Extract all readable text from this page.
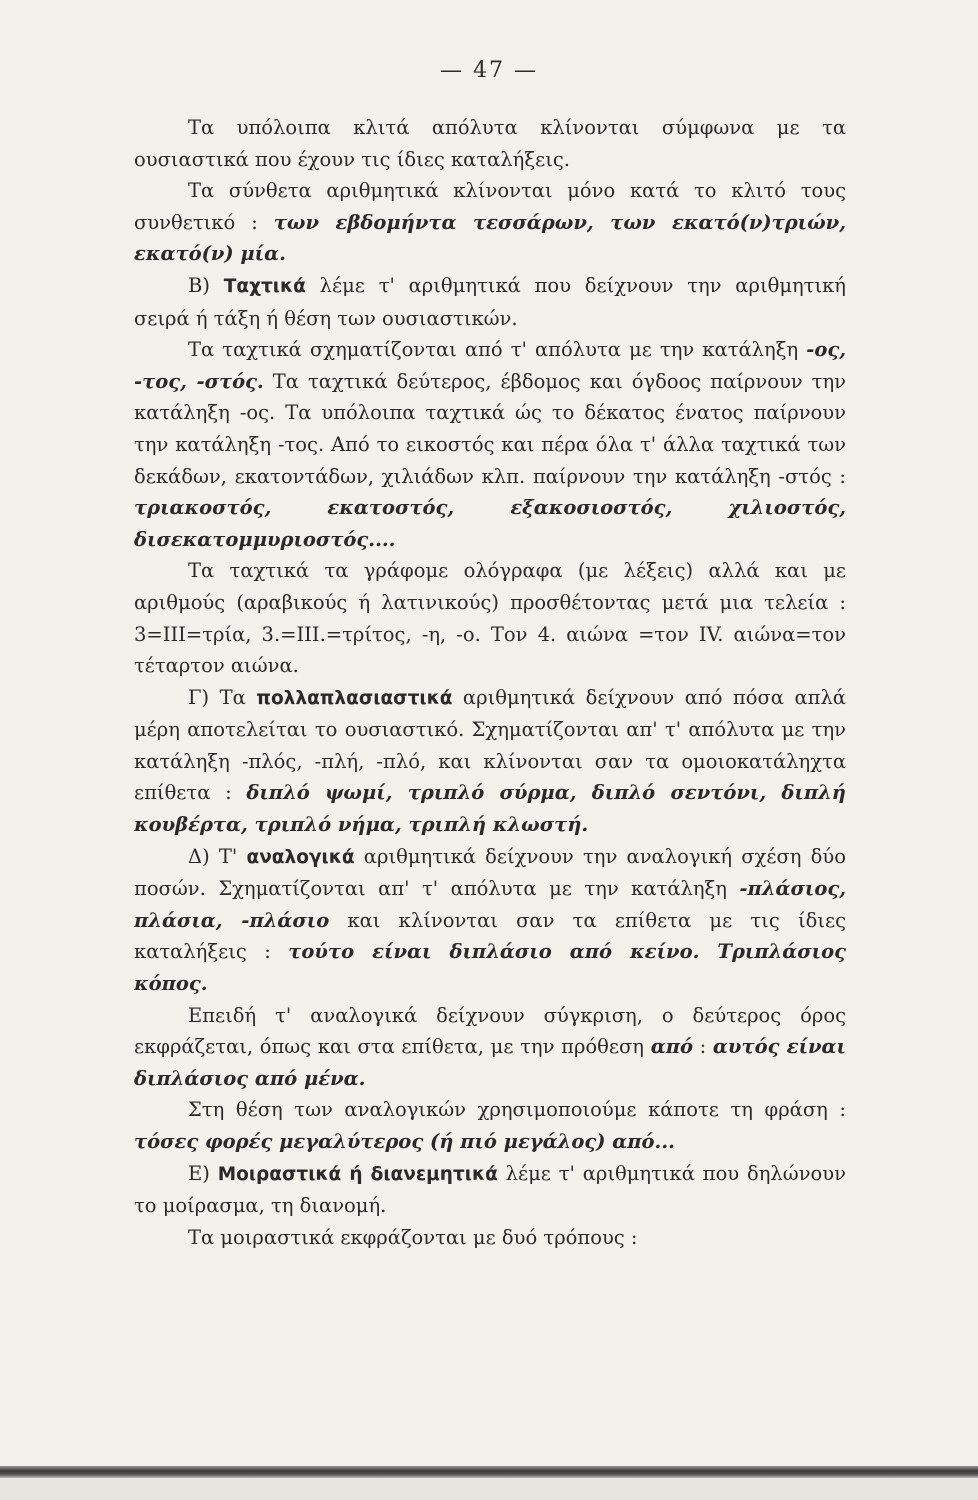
— 47 —

Τα υπόλοιπα κλιτά απόλυτα κλίνονται σύμφωνα με τα ουσιαστικά που έχουν τις ίδιες καταλήξεις.

Τα σύνθετα αριθμητικά κλίνονται μόνο κατά το κλιτό τους συνθετικό : των εβδομήντα τεσσάρων, των εκατό(ν)τριών, εκατό(ν) μία.

Β) Ταχτικά λέμε τ' αριθμητικά που δείχνουν την αριθμητική σειρά ή τάξη ή θέση των ουσιαστικών.

Τα ταχτικά σχηματίζονται από τ' απόλυτα με την κατάληξη -ος, -τος, -στός. Τα ταχτικά δεύτερος, έβδομος και όγδοος παίρνουν την κατάληξη -ος. Τα υπόλοιπα ταχτικά ώς το δέκατος ένατος παίρνουν την κατάληξη -τος. Από το εικοστός και πέρα όλα τ' άλλα ταχτικά των δεκάδων, εκατοντάδων, χιλιάδων κλπ. παίρνουν την κατάληξη -στός : τριακοστός, εκατοστός, εξακοσιοστός, χιλιοστός, δισεκατομμυριοστός....

Τα ταχτικά τα γράφομε ολόγραφα (με λέξεις) αλλά και με αριθμούς (αραβικούς ή λατινικούς) προσθέτοντας μετά μια τελεία : 3=ΙΙΙ=τρία, 3.=ΙΙΙ.=τρίτος, -η, -ο. Τον 4. αιώνα =τον IV. αιώνα=τον τέταρτον αιώνα.

Γ) Τα πολλαπλασιαστικά αριθμητικά δείχνουν από πόσα απλά μέρη αποτελείται το ουσιαστικό. Σχηματίζονται απ' τ' απόλυτα με την κατάληξη -πλός, -πλή, -πλό, και κλίνονται σαν τα ομοιοκατάληχτα επίθετα : διπλό ψωμί, τριπλό σύρμα, διπλό σεντόνι, διπλή κουβέρτα, τριπλό νήμα, τριπλή κλωστή.

Δ) Τ' αναλογικά αριθμητικά δείχνουν την αναλογική σχέση δύο ποσών. Σχηματίζονται απ' τ' απόλυτα με την κατάληξη -πλάσιος, πλάσια, -πλάσιο και κλίνονται σαν τα επίθετα με τις ίδιες καταλήξεις : τούτο είναι διπλάσιο από κείνο. Τριπλάσιος κόπος.

Επειδή τ' αναλογικά δείχνουν σύγκριση, ο δεύτερος όρος εκφράζεται, όπως και στα επίθετα, με την πρόθεση από : αυτός είναι διπλάσιος από μένα.

Στη θέση των αναλογικών χρησιμοποιούμε κάποτε τη φράση : τόσες φορές μεγαλύτερος (ή πιό μεγάλος) από...

Ε) Μοιραστικά ή διανεμητικά λέμε τ' αριθμητικά που δηλώνουν το μοίρασμα, τη διανομή.

Τα μοιραστικά εκφράζονται με δυό τρόπους :
